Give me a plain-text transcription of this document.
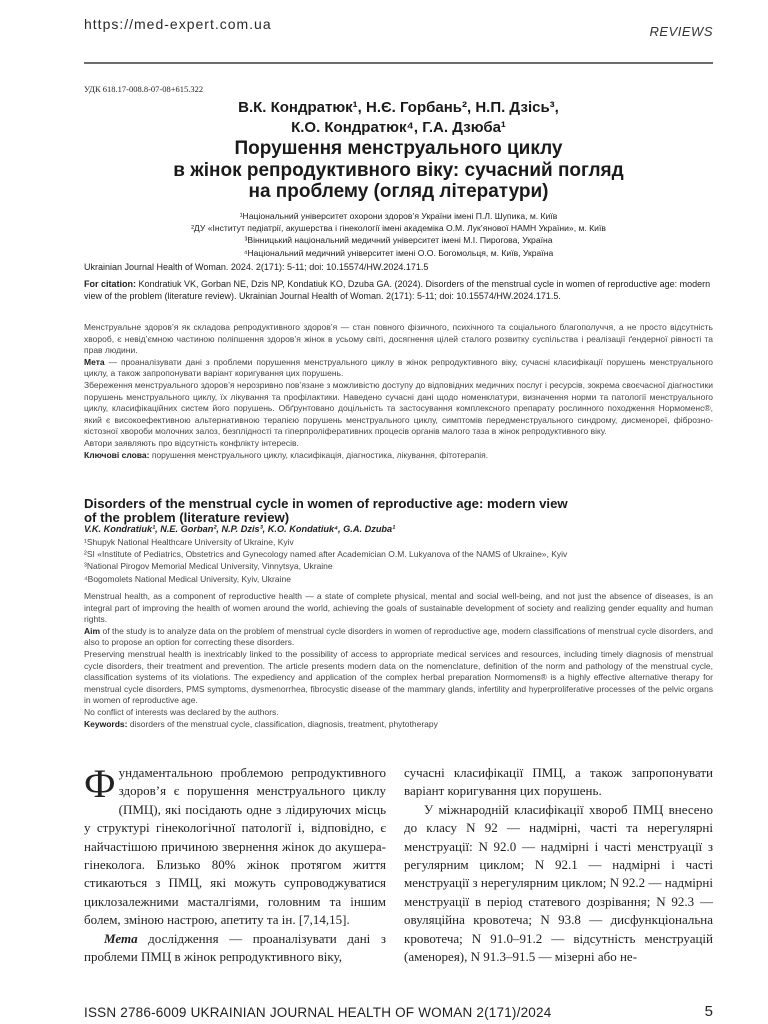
https://med-expert.com.ua	REVIEWS
УДК 618.17-008.8-07-08+615.322
В.К. Кондратюк¹, Н.Є. Горбань², Н.П. Дзісь³,
К.О. Кондратюк⁴, Г.А. Дзюба¹
Порушення менструального циклу
в жінок репродуктивного віку: сучасний погляд
на проблему (огляд літератури)
¹Національний університет охорони здоров’я України імені П.Л. Шупика, м. Київ
²ДУ «Інститут педіатрії, акушерства і гінекології імені академіка О.М. Лук’янової НАМН України», м. Київ
³Вінницький національний медичний університет імені М.І. Пирогова, Україна
⁴Національний медичний університет імені О.О. Богомольця, м. Київ, Україна
Ukrainian Journal Health of Woman. 2024. 2(171): 5-11; doi: 10.15574/HW.2024.171.5
For citation: Kondratiuk VK, Gorban NE, Dzis NP, Kondatiuk KO, Dzuba GA. (2024). Disorders of the menstrual cycle in women of reproductive age: modern view of the problem (literature review). Ukrainian Journal Health of Woman. 2(171): 5-11; doi: 10.15574/HW.2024.171.5.

Менструальне здоров’я як складова репродуктивного здоров’я — стан повного фізичного, психічного та соціального благополуччя, а не просто відсутність хвороб, є невід’ємною частиною поліпшення здоров’я жінок в усьому світі, досягнення цілей сталого розвитку суспільства і реалізації ґендерної рівності та прав людини.

Мета — проаналізувати дані з проблеми порушення менструального циклу в жінок репродуктивного віку, сучасні класифікації порушень менструального циклу, а також запропонувати варіант коригування цих порушень.

Збереження менструального здоров’я нерозривно пов’язане з можливістю доступу до відповідних медичних послуг і ресурсів, зокрема своєчасної діагностики порушень менструального циклу, їх лікування та профілактики. Наведено сучасні дані щодо номенклатури, визначення норми та патології менструального циклу, класифікаційних систем його порушень. Обґрунтовано доцільність та застосування комплексного препарату рослинного походження Нормоменс®, який є високоефективною альтернативною терапією порушень менструального циклу, симптомів передменструального синдрому, дисменореї, фіброзно-кістозної хвороби молочних залоз, безплідності та гіперпроліферативних процесів органів малого таза в жінок репродуктивного віку.

Автори заявляють про відсутність конфлікту інтересів.

Ключові слова: порушення менструального циклу, класифікація, діагностика, лікування, фітотерапія.

Disorders of the menstrual cycle in women of reproductive age: modern view
of the problem (literature review)
V.K. Kondratiuk¹, N.E. Gorban², N.P. Dzis³, K.O. Kondatiuk⁴, G.A. Dzuba¹
¹Shupyk National Healthcare University of Ukraine, Kyiv
²SI «Institute of Pediatrics, Obstetrics and Gynecology named after Academician O.M. Lukyanova of the NAMS of Ukraine», Kyiv
³National Pirogov Memorial Medical University, Vinnytsya, Ukraine
⁴Bogomolets National Medical University, Kyiv, Ukraine

Menstrual health, as a component of reproductive health — a state of complete physical, mental and social well-being, and not just the absence of diseases, is an integral part of improving the health of women around the world, achieving the goals of sustainable development of society and realizing gender equality and human rights.

Aim of the study is to analyze data on the problem of menstrual cycle disorders in women of reproductive age, modern classifications of menstrual cycle disorders, and also to propose an option for correcting these disorders.

Preserving menstrual health is inextricably linked to the possibility of access to appropriate medical services and resources, including timely diagnosis of menstrual cycle disorders, their treatment and prevention. The article presents modern data on the nomenclature, definition of the norm and pathology of the menstrual cycle, classification systems of its violations. The expediency and application of the complex herbal preparation Normomens® is a highly effective alternative therapy for menstrual cycle disorders, PMS symptoms, dysmenorrhea, fibrocystic disease of the mammary glands, infertility and hyperproliferative processes of the pelvic organs in women of reproductive age.

No conflict of interests was declared by the authors.

Keywords: disorders of the menstrual cycle, classification, diagnosis, treatment, phytotherapy

Фундаментальною проблемою репродуктивного здоров’я є порушення менструального циклу (ПМЦ), які посідають одне з лідируючих місць у структурі гінекологічної патології і, відповідно, є найчастішою причиною звернення жінок до акушера-гінеколога. Близько 80% жінок протягом життя стикаються з ПМЦ, які можуть супроводжуватися циклозалежними масталгіями, головним та іншим болем, зміною настрою, апетиту та ін. [7,14,15].

Мета дослідження — проаналізувати дані з проблеми ПМЦ в жінок репродуктивного віку,

сучасні класифікації ПМЦ, а також запропонувати варіант коригування цих порушень.

У міжнародній класифікації хвороб ПМЦ внесено до класу N 92 — надмірні, часті та нерегулярні менструації: N 92.0 — надмірні і часті менструації з регулярним циклом; N 92.1 — надмірні і часті менструації з нерегулярним циклом; N 92.2 — надмірні менструації в період статевого дозрівання; N 92.3 — овуляційна кровотеча; N 93.8 — дисфункціональна кровотеча; N 91.0–91.2 — відсутність менструацій (аменорея), N 91.3–91.5 — мізерні або не-

ISSN 2786-6009 UKRAINIAN JOURNAL HEALTH OF WOMAN 2(171)/2024	5
